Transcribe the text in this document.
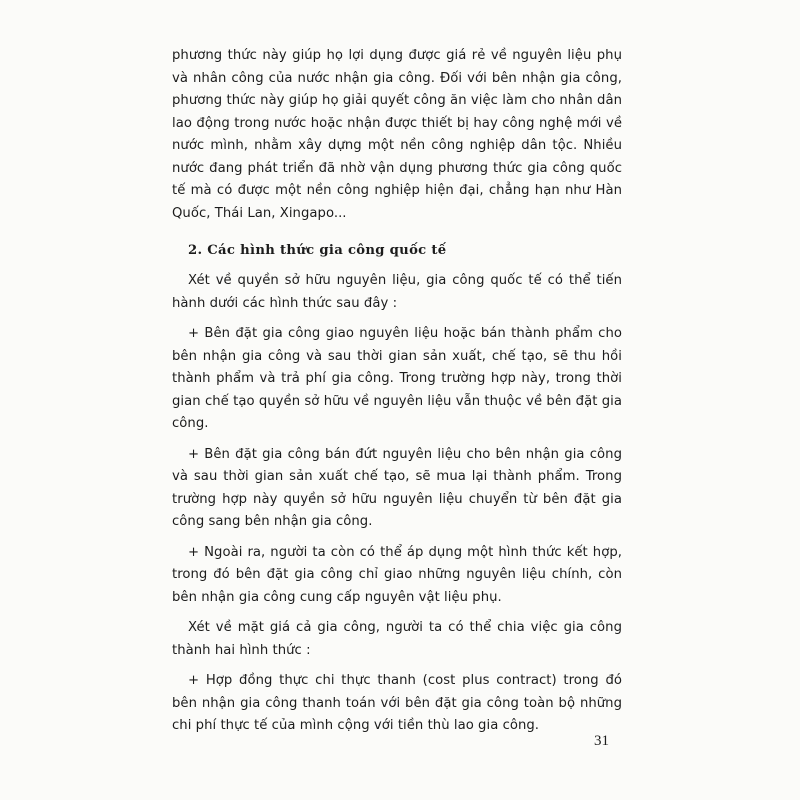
phương thức này giúp họ lợi dụng được giá rẻ về nguyên liệu phụ và nhân công của nước nhận gia công. Đối với bên nhận gia công, phương thức này giúp họ giải quyết công ăn việc làm cho nhân dân lao động trong nước hoặc nhận được thiết bị hay công nghệ mới về nước mình, nhằm xây dựng một nền công nghiệp dân tộc. Nhiều nước đang phát triển đã nhờ vận dụng phương thức gia công quốc tế mà có được một nền công nghiệp hiện đại, chẳng hạn như Hàn Quốc, Thái Lan, Xingapo...

2. Các hình thức gia công quốc tế

Xét về quyền sở hữu nguyên liệu, gia công quốc tế có thể tiến hành dưới các hình thức sau đây :

+ Bên đặt gia công giao nguyên liệu hoặc bán thành phẩm cho bên nhận gia công và sau thời gian sản xuất, chế tạo, sẽ thu hồi thành phẩm và trả phí gia công. Trong trường hợp này, trong thời gian chế tạo quyền sở hữu về nguyên liệu vẫn thuộc về bên đặt gia công.

+ Bên đặt gia công bán đứt nguyên liệu cho bên nhận gia công và sau thời gian sản xuất chế tạo, sẽ mua lại thành phẩm. Trong trường hợp này quyền sở hữu nguyên liệu chuyển từ bên đặt gia công sang bên nhận gia công.

+ Ngoài ra, người ta còn có thể áp dụng một hình thức kết hợp, trong đó bên đặt gia công chỉ giao những nguyên liệu chính, còn bên nhận gia công cung cấp nguyên vật liệu phụ.

Xét về mặt giá cả gia công, người ta có thể chia việc gia công thành hai hình thức :

+ Hợp đồng thực chi thực thanh (cost plus contract) trong đó bên nhận gia công thanh toán với bên đặt gia công toàn bộ những chi phí thực tế của mình cộng với tiền thù lao gia công.

31
